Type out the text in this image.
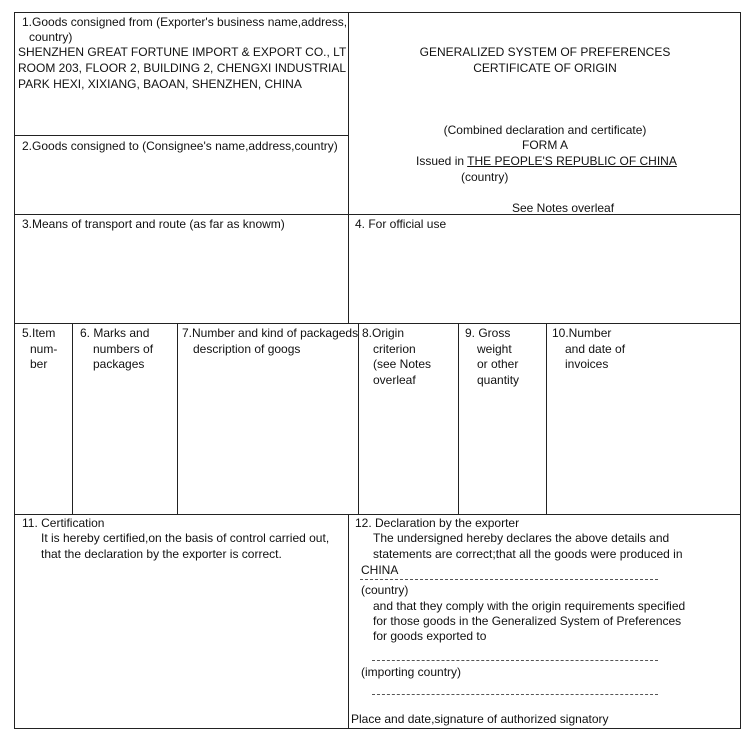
1.Goods consigned from (Exporter's business name,address,
country)
SHENZHEN GREAT FORTUNE IMPORT & EXPORT CO., LT
ROOM 203, FLOOR 2, BUILDING 2, CHENGXI INDUSTRIAL
PARK HEXI, XIXIANG, BAOAN, SHENZHEN, CHINA
2.Goods consigned to (Consignee's name,address,country)
GENERALIZED SYSTEM OF PREFERENCES
CERTIFICATE OF ORIGIN
(Combined declaration and certificate)
FORM A
Issued in THE PEOPLE'S REPUBLIC OF CHINA
(country)
See Notes overleaf
3.Means of transport and route (as far as knowm)	4. For official use
5.Item
num-
ber
6. Marks and
numbers of
packages
7.Number and kind of packageds
description of googs
8.Origin
criterion
(see Notes
overleaf
9. Gross
weight
or other
quantity
10.Number
and date of
invoices
11. Certification
It is hereby certified,on the basis of control carried out,
that the declaration by the exporter is correct.
12. Declaration by the exporter
The undersigned hereby declares the above details and
statements are correct;that all the goods were produced in
CHINA
(country)
and that they comply with the origin requirements specified
for those goods in the Generalized System of Preferences
for goods exported to
(importing country)
Place and date,signature of authorized signatory
